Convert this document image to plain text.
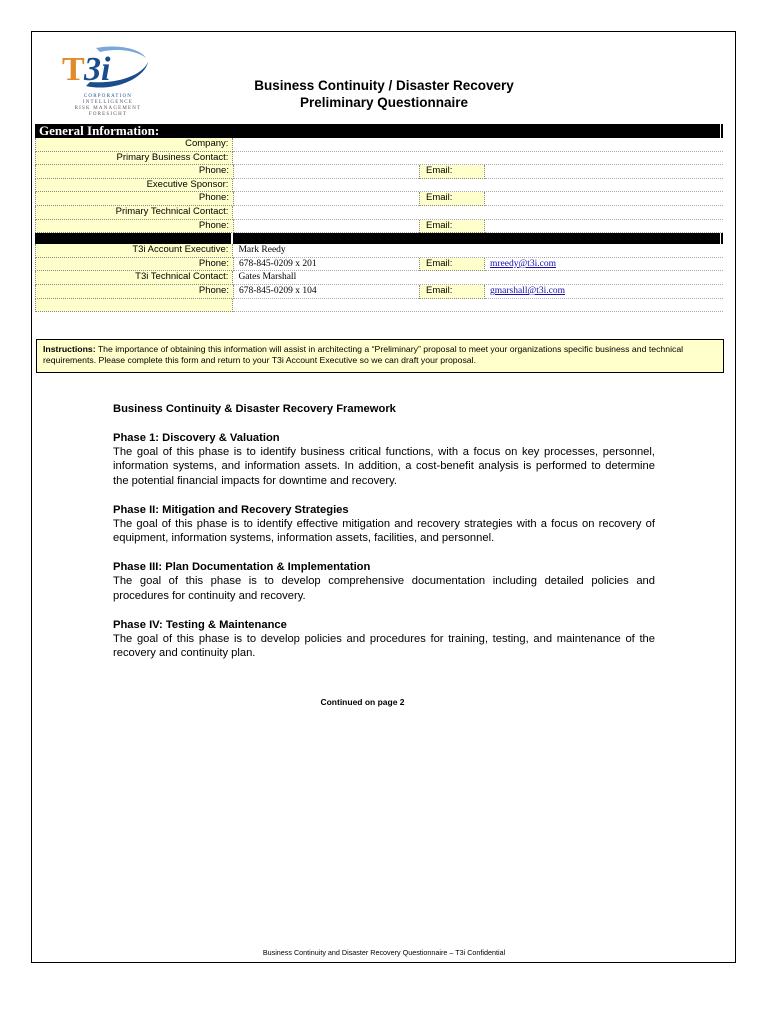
T 3i
CORPORATION
INTELLIGENCE
RISK MANAGEMENT
FORESIGHT
Business Continuity / Disaster Recovery
Preliminary Questionnaire
General Information:
Company:
Primary Business Contact:
Phone:	Email:
Executive Sponsor:
Phone:	Email:
Primary Technical Contact:
Phone:	Email:
T3i Account Executive:	Mark Reedy
Phone:	678-845-0209 x 201	Email:	mreedy@t3i.com
T3i Technical Contact:	Gates Marshall
Phone:	678-845-0209 x 104	Email:	gmarshall@t3i.com
Instructions: The importance of obtaining this information will assist in architecting a “Preliminary” proposal to meet your organizations specific business and technical requirements. Please complete this form and return to your T3i Account Executive so we can draft your proposal.
Business Continuity & Disaster Recovery Framework
Phase 1: Discovery & Valuation

The goal of this phase is to identify business critical functions, with a focus on key processes, personnel, information systems, and information assets. In addition, a cost-benefit analysis is performed to determine the potential financial impacts for downtime and recovery.

Phase II: Mitigation and Recovery Strategies

The goal of this phase is to identify effective mitigation and recovery strategies with a focus on recovery of equipment, information systems, information assets, facilities, and personnel.

Phase III: Plan Documentation & Implementation

The goal of this phase is to develop comprehensive documentation including detailed policies and procedures for continuity and recovery.

Phase IV: Testing & Maintenance

The goal of this phase is to develop policies and procedures for training, testing, and maintenance of the recovery and continuity plan.

Continued on page 2
Business Continuity and Disaster Recovery Questionnaire – T3i Confidential
